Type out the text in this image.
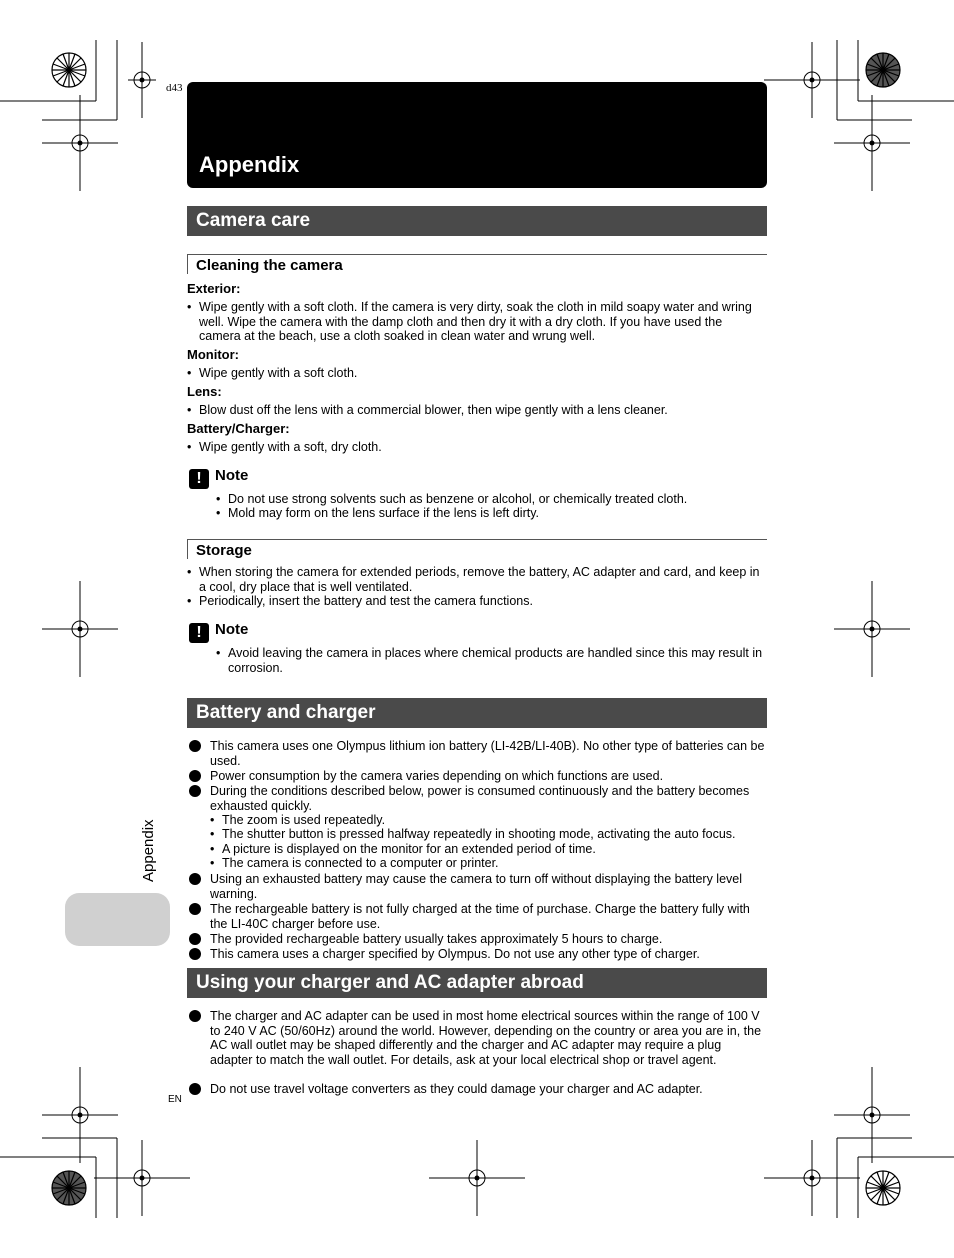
d43
Appendix
Camera care
Cleaning the camera
Exterior:
• Wipe gently with a soft cloth. If the camera is very dirty, soak the cloth in mild soapy water and wring well. Wipe the camera with the damp cloth and then dry it with a dry cloth. If you have used the camera at the beach, use a cloth soaked in clean water and wrung well.
Monitor:
• Wipe gently with a soft cloth.
Lens:
• Blow dust off the lens with a commercial blower, then wipe gently with a lens cleaner.
Battery/Charger:
• Wipe gently with a soft, dry cloth.
! Note
• Do not use strong solvents such as benzene or alcohol, or chemically treated cloth.
• Mold may form on the lens surface if the lens is left dirty.
Storage
• When storing the camera for extended periods, remove the battery, AC adapter and card, and keep in a cool, dry place that is well ventilated.
• Periodically, insert the battery and test the camera functions.
! Note
• Avoid leaving the camera in places where chemical products are handled since this may result in corrosion.
Battery and charger
This camera uses one Olympus lithium ion battery (LI-42B/LI-40B). No other type of batteries can be used.
Power consumption by the camera varies depending on which functions are used.
During the conditions described below, power is consumed continuously and the battery becomes exhausted quickly.
• The zoom is used repeatedly.
• The shutter button is pressed halfway repeatedly in shooting mode, activating the auto focus.
• A picture is displayed on the monitor for an extended period of time.
• The camera is connected to a computer or printer.
Using an exhausted battery may cause the camera to turn off without displaying the battery level warning.
The rechargeable battery is not fully charged at the time of purchase. Charge the battery fully with the LI-40C charger before use.
The provided rechargeable battery usually takes approximately 5 hours to charge.
This camera uses a charger specified by Olympus. Do not use any other type of charger.
Using your charger and AC adapter abroad
The charger and AC adapter can be used in most home electrical sources within the range of 100 V to 240 V AC (50/60Hz) around the world. However, depending on the country or area you are in, the AC wall outlet may be shaped differently and the charger and AC adapter may require a plug adapter to match the wall outlet. For details, ask at your local electrical shop or travel agent.
Do not use travel voltage converters as they could damage your charger and AC adapter.
Appendix
EN
